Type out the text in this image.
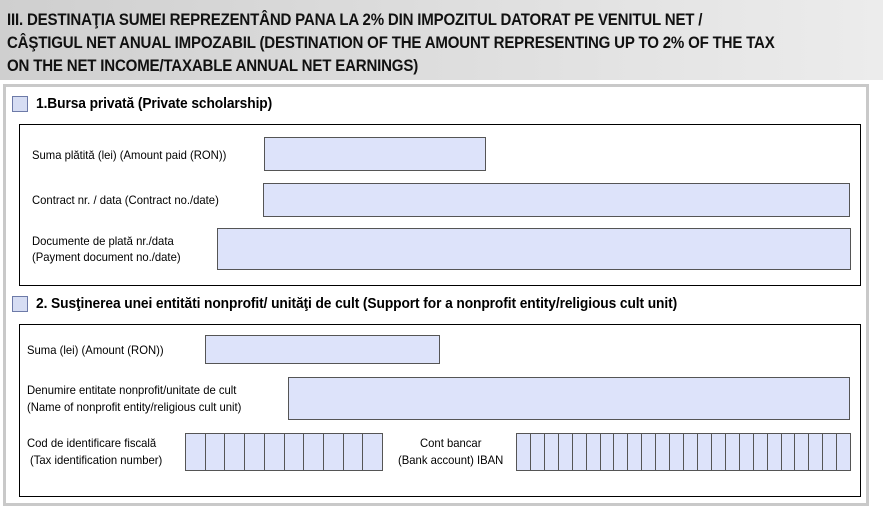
III. DESTINAŢIA SUMEI REPREZENTÂND PANA LA 2% DIN IMPOZITUL DATORAT PE VENITUL NET /
CÂŞTIGUL NET ANUAL IMPOZABIL (DESTINATION OF THE AMOUNT REPRESENTING UP TO 2% OF THE TAX
ON THE NET INCOME/TAXABLE ANNUAL NET EARNINGS)
1.Bursa privată (Private scholarship)
Suma plătită (lei) (Amount paid (RON))
Contract nr. / data (Contract no./date)
Documente de plată nr./data
(Payment document no./date)
2. Susţinerea unei entităti nonprofit/ unităţi de cult (Support for a nonprofit entity/religious cult unit)
Suma (lei) (Amount (RON))
Denumire entitate nonprofit/unitate de cult
(Name of nonprofit entity/religious cult unit)
Cod de identificare fiscală
(Tax identification number)
Cont bancar
(Bank account) IBAN
